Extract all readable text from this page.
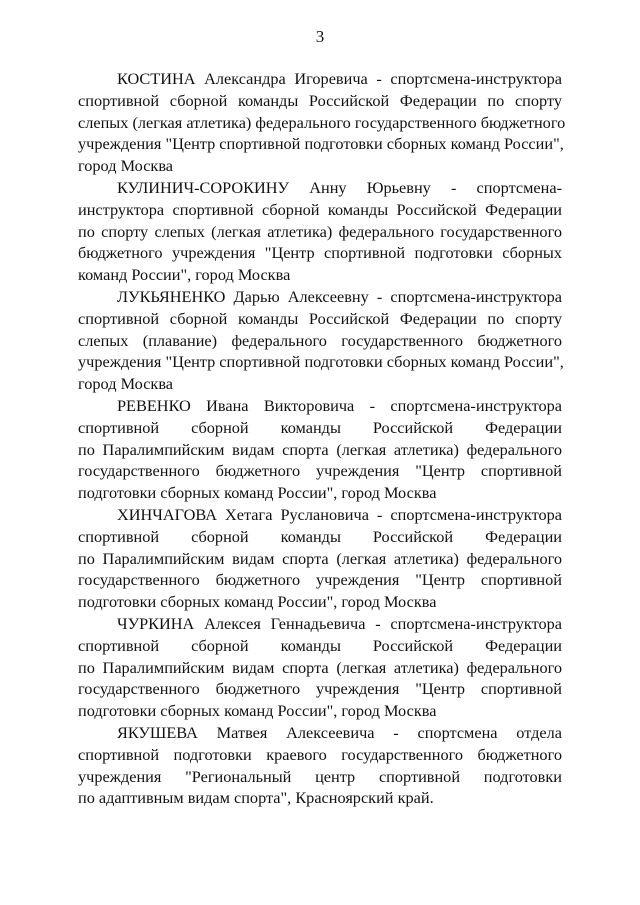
3
КОСТИНА Александра Игоревича - спортсмена-инструктора
спортивной сборной команды Российской Федерации по спорту
слепых (легкая атлетика) федерального государственного бюджетного
учреждения "Центр спортивной подготовки сборных команд России",
город Москва
КУЛИНИЧ-СОРОКИНУ Анну Юрьевну - спортсмена-
инструктора спортивной сборной команды Российской Федерации
по спорту слепых (легкая атлетика) федерального государственного
бюджетного учреждения "Центр спортивной подготовки сборных
команд России", город Москва
ЛУКЬЯНЕНКО Дарью Алексеевну - спортсмена-инструктора
спортивной сборной команды Российской Федерации по спорту
слепых (плавание) федерального государственного бюджетного
учреждения "Центр спортивной подготовки сборных команд России",
город Москва
РЕВЕНКО Ивана Викторовича - спортсмена-инструктора
спортивной сборной команды Российской Федерации
по Паралимпийским видам спорта (легкая атлетика) федерального
государственного бюджетного учреждения "Центр спортивной
подготовки сборных команд России", город Москва
ХИНЧАГОВА Хетага Руслановича - спортсмена-инструктора
спортивной сборной команды Российской Федерации
по Паралимпийским видам спорта (легкая атлетика) федерального
государственного бюджетного учреждения "Центр спортивной
подготовки сборных команд России", город Москва
ЧУРКИНА Алексея Геннадьевича - спортсмена-инструктора
спортивной сборной команды Российской Федерации
по Паралимпийским видам спорта (легкая атлетика) федерального
государственного бюджетного учреждения "Центр спортивной
подготовки сборных команд России", город Москва
ЯКУШЕВА Матвея Алексеевича - спортсмена отдела
спортивной подготовки краевого государственного бюджетного
учреждения "Региональный центр спортивной подготовки
по адаптивным видам спорта", Красноярский край.
